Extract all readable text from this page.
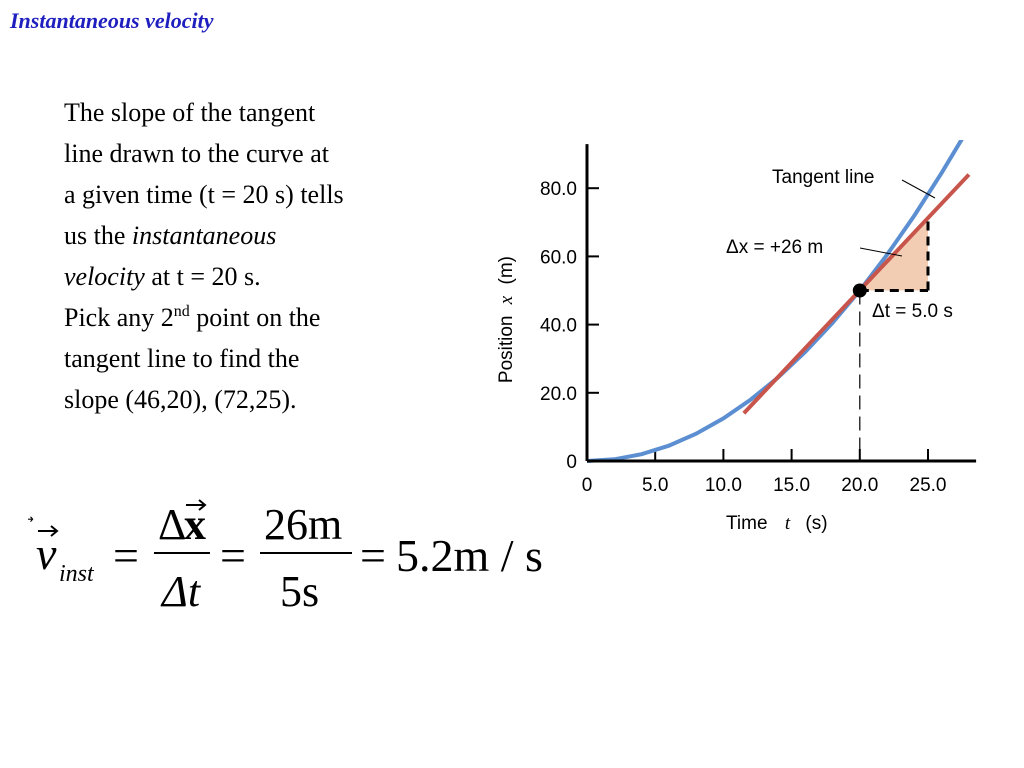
Instantaneous velocity
The slope of the tangent
line drawn to the curve at
a given time (t = 20 s) tells
us the instantaneous
velocity at t = 20 s.
Pick any 2nd point on the
tangent line to find the
slope (46,20), (72,25).
0	5.0 10.0 15.0 20.0 25.0
0
20.0
40.0
60.0
80.0
Tangent line
Δx = +26 m
Δt = 5.0 s
Time t (s)
Position x (m)
v inst =
Δ
x
Δt
=
26m
5s
= 5.2m / s
